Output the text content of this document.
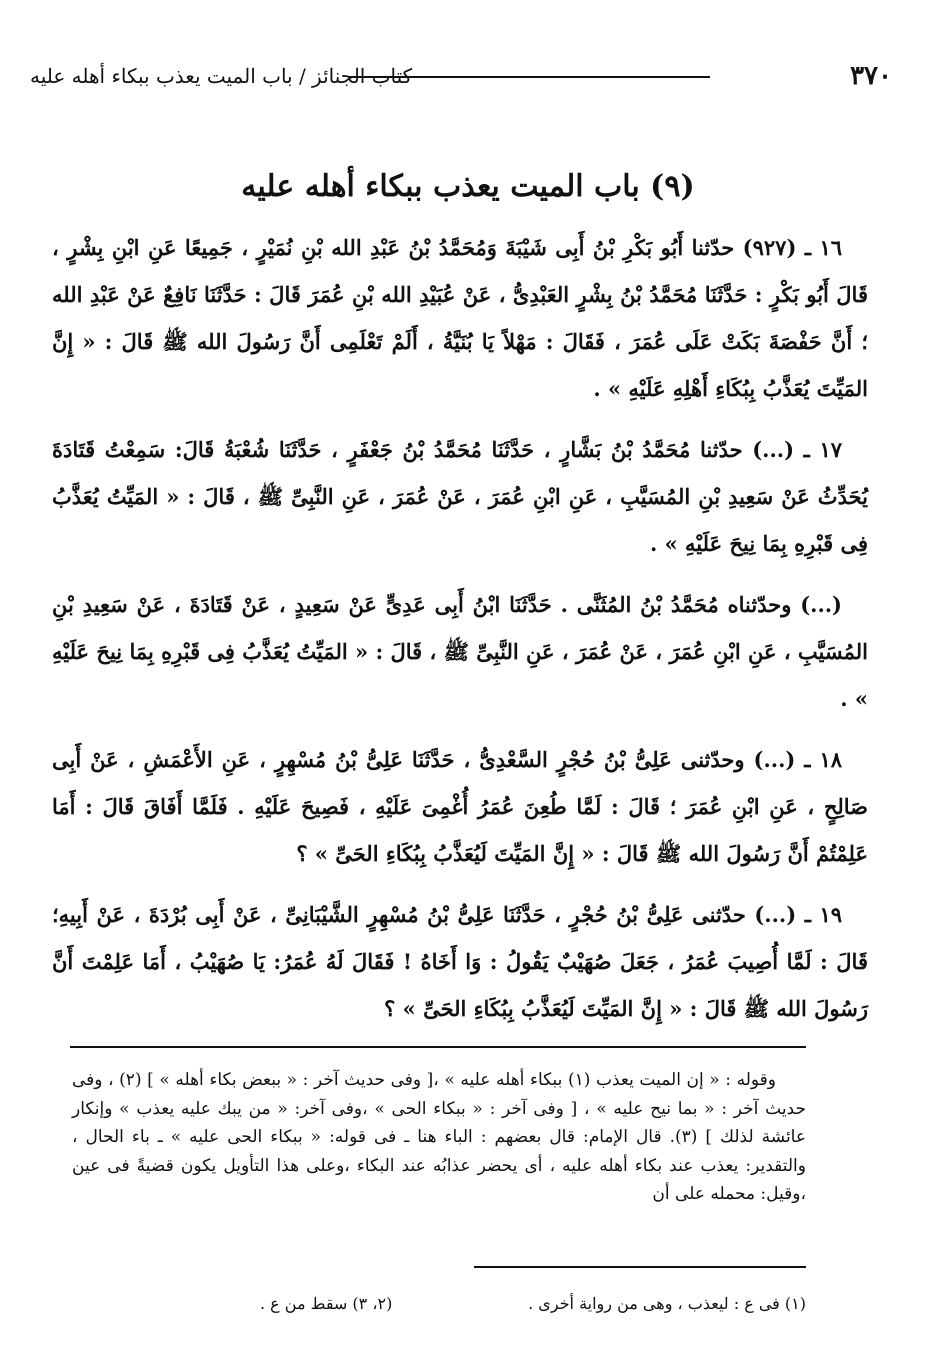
٣٧٠
كتاب الجنائز / باب الميت يعذب ببكاء أهله عليه
(٩) باب الميت يعذب ببكاء أهله عليه

١٦ ـ (٩٢٧) حدّثنا أَبُو بَكْرِ بْنُ أَبِى شَيْبَةَ وَمُحَمَّدُ بْنُ عَبْدِ الله بْنِ نُمَيْرٍ ، جَمِيعًا عَنِ ابْنِ بِشْرٍ ، قَالَ أَبُو بَكْرٍ : حَدَّثَنَا مُحَمَّدُ بْنُ بِشْرٍ العَبْدِىُّ ، عَنْ عُبَيْدِ الله بْنِ عُمَرَ قَالَ : حَدَّثَنَا نَافِعٌ عَنْ عَبْدِ الله ؛ أَنَّ حَفْصَةَ بَكَتْ عَلَى عُمَرَ ، فَقَالَ : مَهْلاً يَا بُنَيَّةُ ، أَلَمْ تَعْلَمِى أَنَّ رَسُولَ الله ﷺ قَالَ : « إِنَّ المَيِّتَ يُعَذَّبُ بِبُكَاءِ أَهْلِهِ عَلَيْهِ » .

١٧ ـ (...) حدّثنا مُحَمَّدُ بْنُ بَشَّارٍ ، حَدَّثَنَا مُحَمَّدُ بْنُ جَعْفَرٍ ، حَدَّثَنَا شُعْبَةُ قَالَ: سَمِعْتُ قَتَادَةَ يُحَدِّثُ عَنْ سَعِيدِ بْنِ المُسَيَّبِ ، عَنِ ابْنِ عُمَرَ ، عَنْ عُمَرَ ، عَنِ النَّبِىِّ ﷺ ، قَالَ : « المَيِّتُ يُعَذَّبُ فِى قَبْرِهِ بِمَا نِيحَ عَلَيْهِ » .

(...) وحدّثناه مُحَمَّدُ بْنُ المُثَنَّى . حَدَّثَنَا ابْنُ أَبِى عَدِىٍّ عَنْ سَعِيدٍ ، عَنْ قَتَادَةَ ، عَنْ سَعِيدِ بْنِ المُسَيَّبِ ، عَنِ ابْنِ عُمَرَ ، عَنْ عُمَرَ ، عَنِ النَّبِىِّ ﷺ ، قَالَ : « المَيِّتُ يُعَذَّبُ فِى قَبْرِهِ بِمَا نِيحَ عَلَيْهِ » .

١٨ ـ (...) وحدّثنى عَلِىُّ بْنُ حُجْرٍ السَّعْدِىُّ ، حَدَّثَنَا عَلِىُّ بْنُ مُسْهِرٍ ، عَنِ الأَعْمَشِ ، عَنْ أَبِى صَالِحٍ ، عَنِ ابْنِ عُمَرَ ؛ قَالَ : لَمَّا طُعِنَ عُمَرُ أُغْمِىَ عَلَيْهِ ، فَصِيحَ عَلَيْهِ . فَلَمَّا أَفَاقَ قَالَ : أَمَا عَلِمْتُمْ أَنَّ رَسُولَ الله ﷺ قَالَ : « إِنَّ المَيِّتَ لَيُعَذَّبُ بِبُكَاءِ الحَىِّ » ؟

١٩ ـ (...) حدّثنى عَلِىُّ بْنُ حُجْرٍ ، حَدَّثَنَا عَلِىُّ بْنُ مُسْهِرٍ الشَّيْبَانِىِّ ، عَنْ أَبِى بُرْدَةَ ، عَنْ أَبِيهِ؛ قَالَ : لَمَّا أُصِيبَ عُمَرُ ، جَعَلَ صُهَيْبٌ يَقُولُ : وَا أَخَاهُ ! فَقَالَ لَهُ عُمَرُ: يَا صُهَيْبُ ، أَمَا عَلِمْتَ أَنَّ رَسُولَ الله ﷺ قَالَ : « إِنَّ المَيِّتَ لَيُعَذَّبُ بِبُكَاءِ الحَىِّ » ؟

وقوله : « إن الميت يعذب (١) ببكاء أهله عليه » ،[ وفى حديث آخر : « ببعض بكاء أهله » ] (٢) ، وفى حديث آخر : « بما نيح عليه » ، [ وفى آخر : « ببكاء الحى » ،وفى آخر: « من يبك عليه يعذب » وإنكار عائشة لذلك ] (٣). قال الإمام: قال بعضهم : الباء هنا ـ فى قوله: « ببكاء الحى عليه » ـ باء الحال ، والتقدير: يعذب عند بكاء أهله عليه ، أى يحضر عذابُه عند البكاء ،وعلى هذا التأويل يكون قضيةً فى عين ،وقيل: محمله على أن

(١) فى ع : ليعذب ، وهى من رواية أخرى .
(٢، ٣) سقط من ع .
